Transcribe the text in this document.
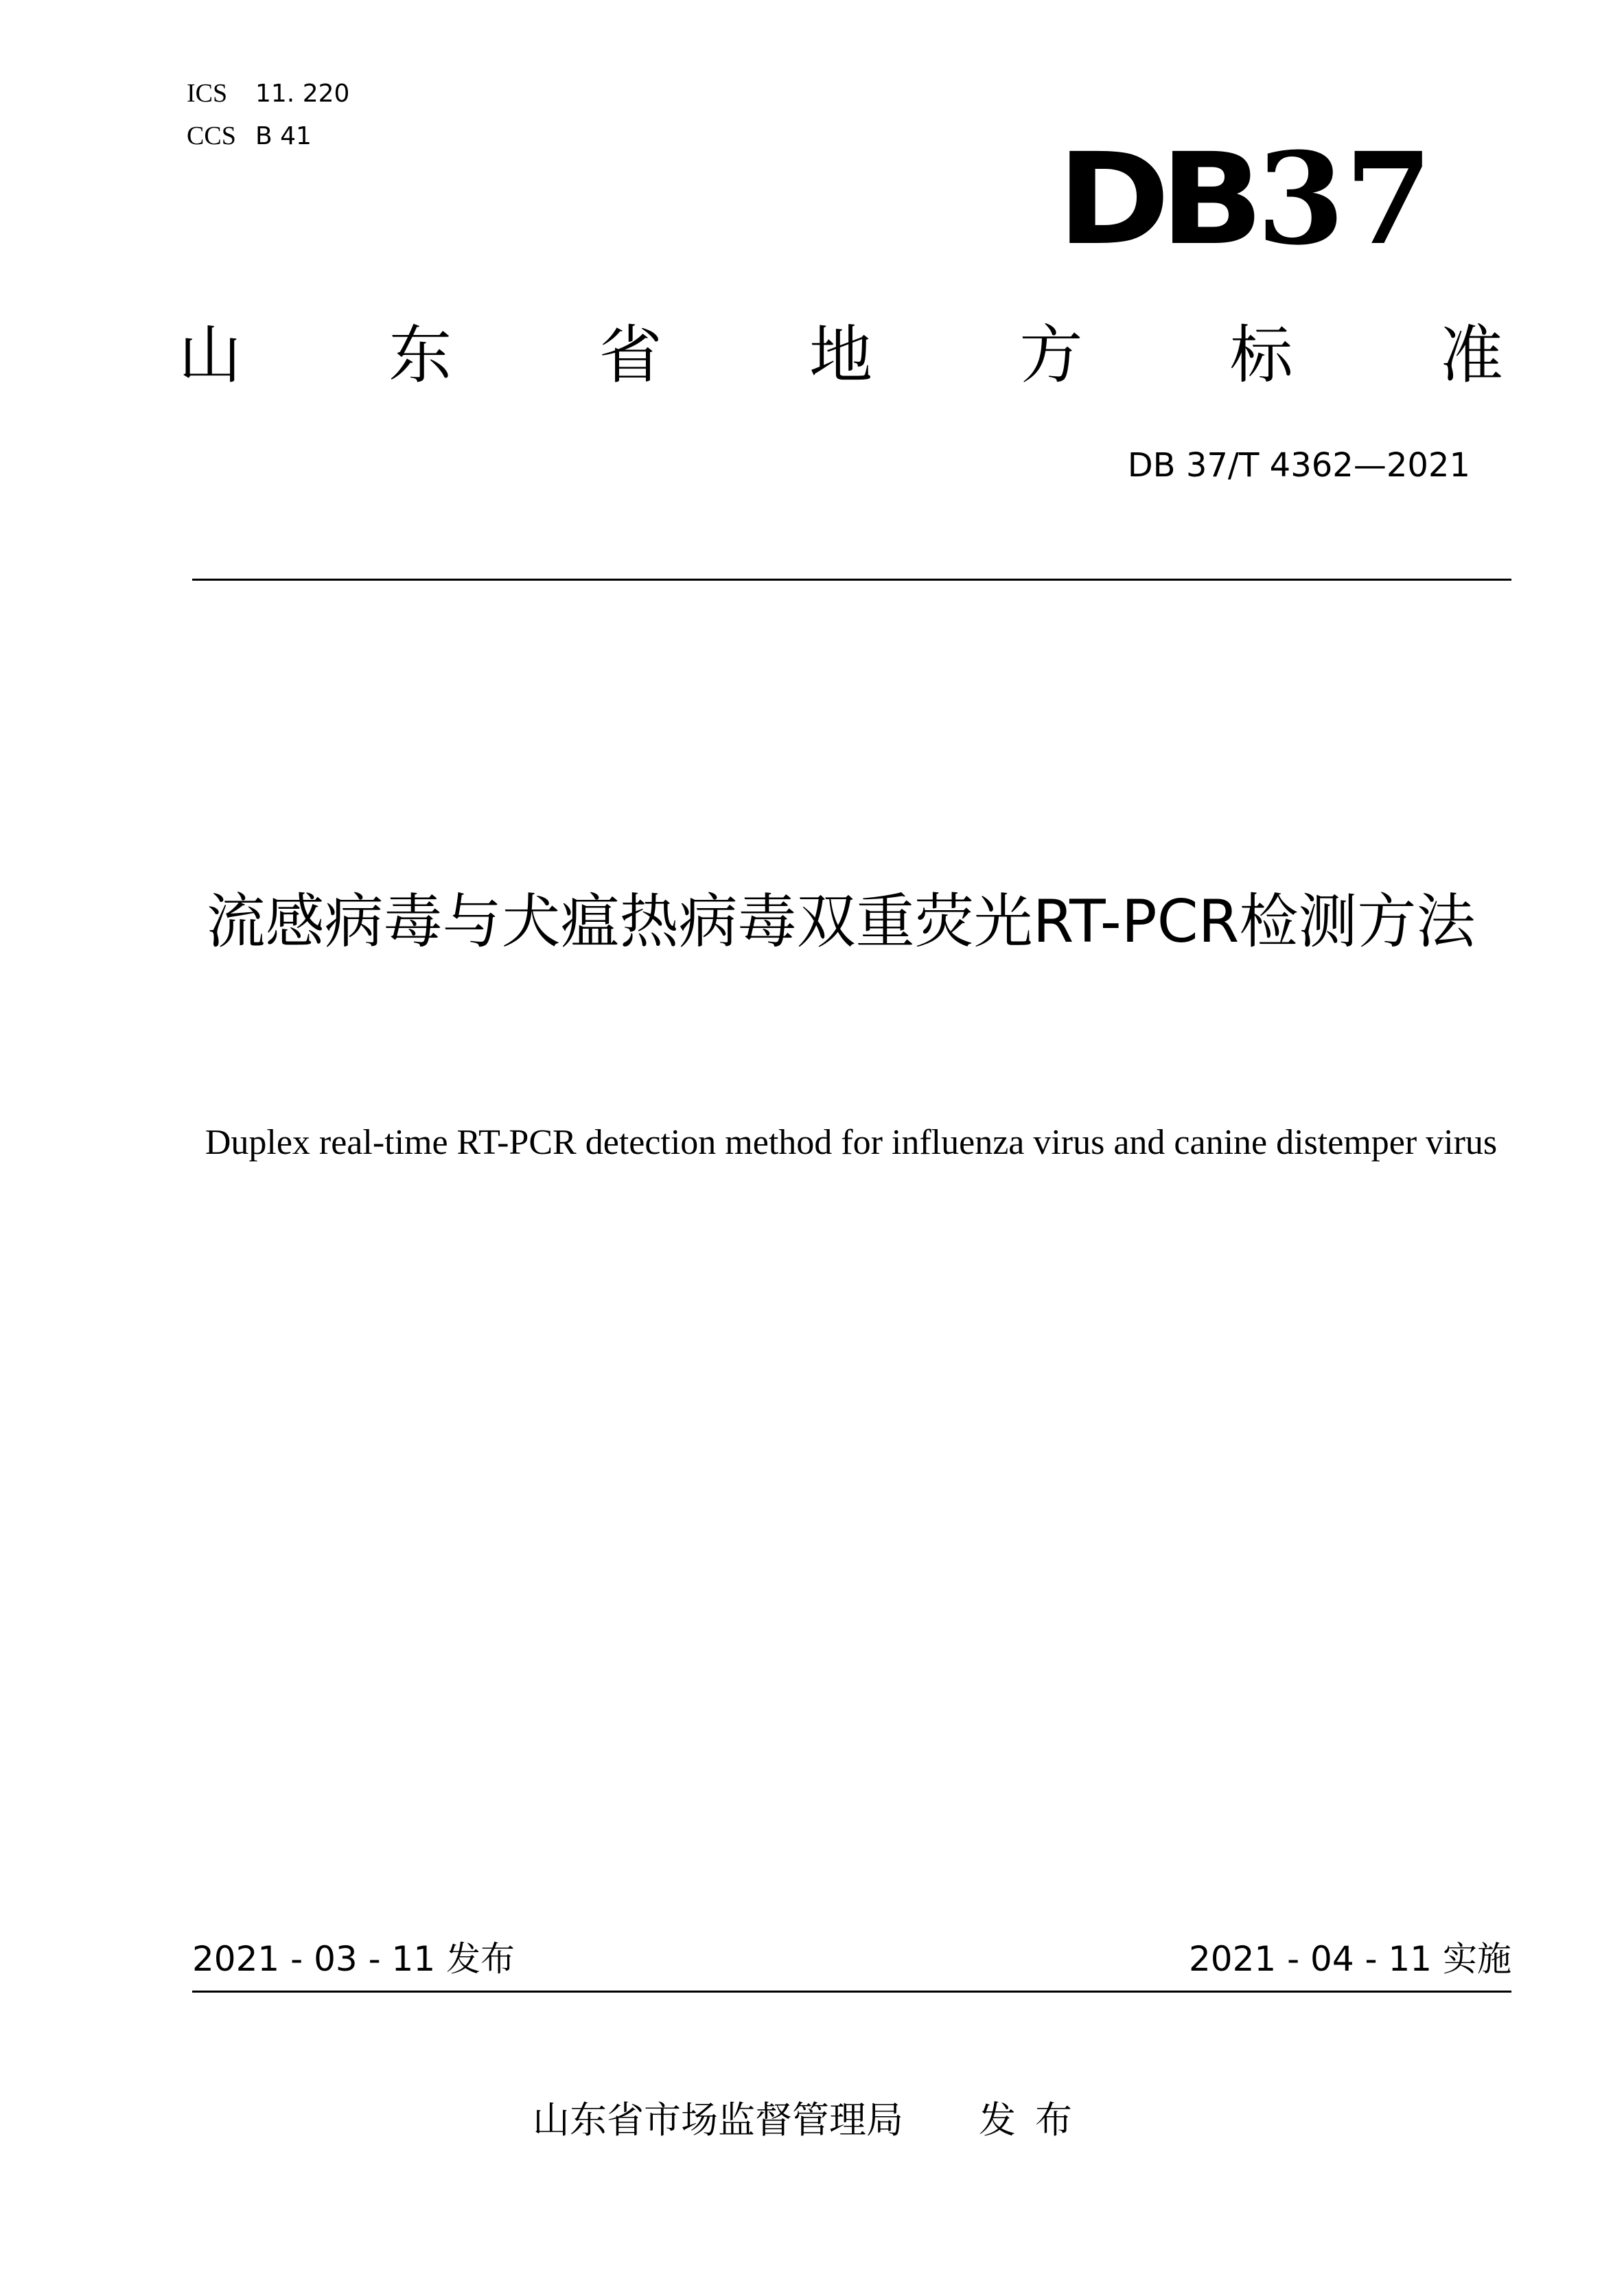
ICS 11. 220
CCS B 41	DB37
山 东 省 地 方 标 准
DB 37/T 4362—2021
流感病毒与犬瘟热病毒双重荧光RT-PCR检测方法
Duplex real-time RT-PCR detection method for influenza virus and canine distemper virus
2021 - 03 - 11 发布	2021 - 04 - 11 实施
山东省市场监督管理局 发布
